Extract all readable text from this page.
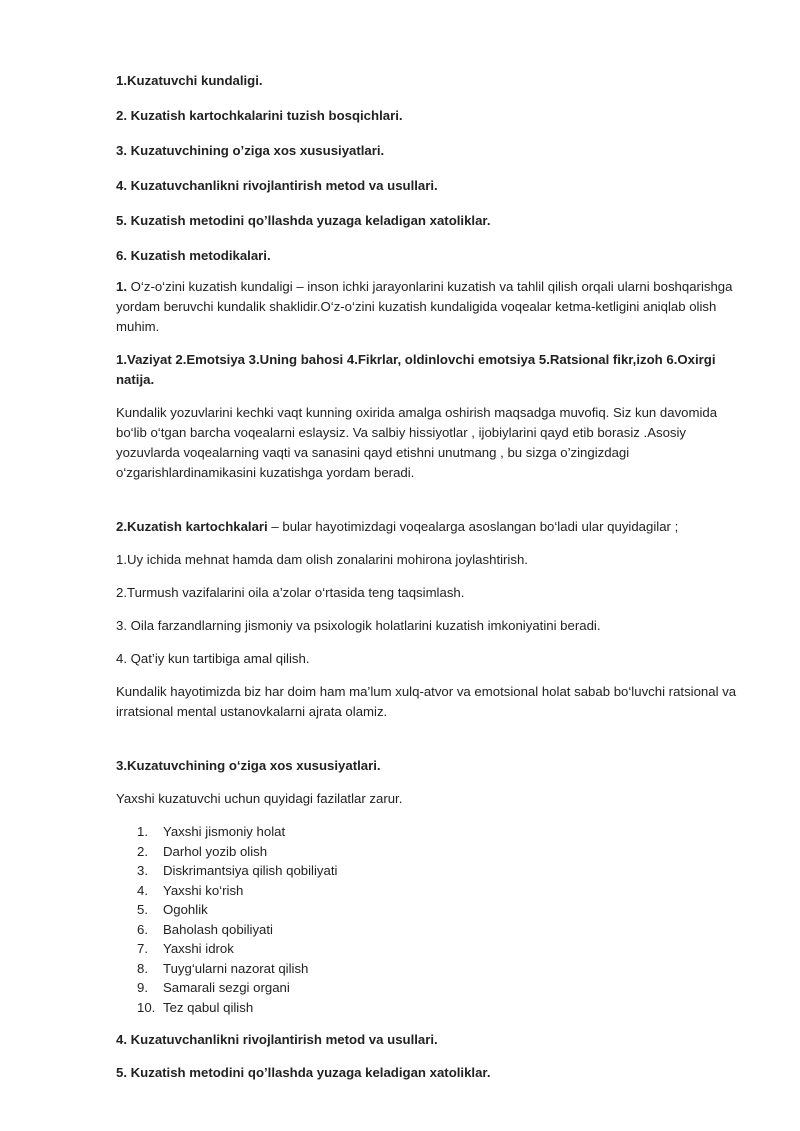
1.Kuzatuvchi kundaligi.

2. Kuzatish kartochkalarini tuzish bosqichlari.

3. Kuzatuvchining o’ziga xos xususiyatlari.

4. Kuzatuvchanlikni rivojlantirish metod va usullari.

5. Kuzatish metodini qo’llashda yuzaga keladigan xatoliklar.

6. Kuzatish metodikalari.

1. O‘z-o‘zini kuzatish kundaligi – inson ichki jarayonlarini kuzatish va tahlil qilish orqali ularni boshqarishga yordam beruvchi kundalik shaklidir.O‘z-o‘zini kuzatish kundaligida voqealar ketma-ketligini aniqlab olish muhim.

1.Vaziyat 2.Emotsiya 3.Uning bahosi 4.Fikrlar, oldinlovchi emotsiya 5.Ratsional fikr,izoh 6.Oxirgi natija.

Kundalik yozuvlarini kechki vaqt kunning oxirida amalga oshirish maqsadga muvofiq. Siz kun davomida bo‘lib o‘tgan barcha voqealarni eslaysiz. Va salbiy hissiyotlar , ijobiylarini qayd etib borasiz .Asosiy yozuvlarda voqealarning vaqti va sanasini qayd etishni unutmang , bu sizga o’zingizdagi o‘zgarishlardinamikasini kuzatishga yordam beradi.

2.Kuzatish kartochkalari – bular hayotimizdagi voqealarga asoslangan bo‘ladi ular quyidagilar ;

1.Uy ichida mehnat hamda dam olish zonalarini mohirona joylashtirish.

2.Turmush vazifalarini oila a’zolar o‘rtasida teng taqsimlash.

3. Oila farzandlarning jismoniy va psixologik holatlarini kuzatish imkoniyatini beradi.

4. Qat’iy kun tartibiga amal qilish.

Kundalik hayotimizda biz har doim ham ma’lum xulq-atvor va emotsional holat sabab bo‘luvchi ratsional va irratsional mental ustanovkalarni ajrata olamiz.

3.Kuzatuvchining o‘ziga xos xususiyatlari.

Yaxshi kuzatuvchi uchun quyidagi fazilatlar zarur.

1.	Yaxshi jismoniy holat
2.	Darhol yozib olish
3.	Diskrimantsiya qilish qobiliyati
4.	Yaxshi ko‘rish
5.	Ogohlik
6.	Baholash qobiliyati
7.	Yaxshi idrok
8.	Tuyg‘ularni nazorat qilish
9.	Samarali sezgi organi
10. Tez qabul qilish

4. Kuzatuvchanlikni rivojlantirish metod va usullari.

5. Kuzatish metodini qo’llashda yuzaga keladigan xatoliklar.
